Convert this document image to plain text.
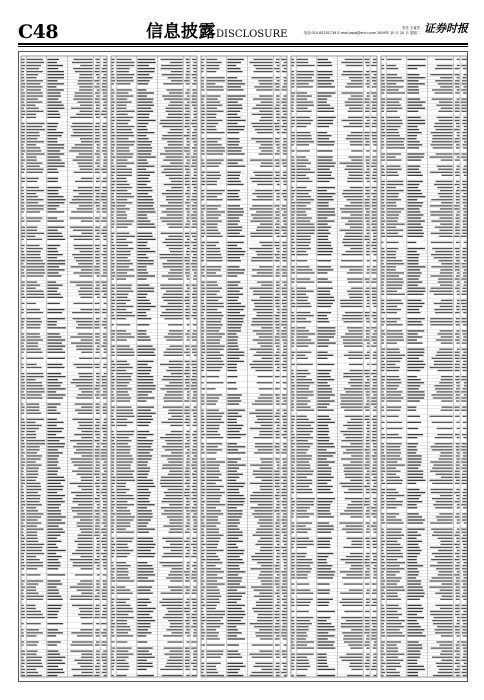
C48	信息披露DISCLOSURE
责任 王睿杰
电话:010-83251716 E-mail:zqsb@stcn.com 2009年 10 月 20 日 星期二 证券时报
